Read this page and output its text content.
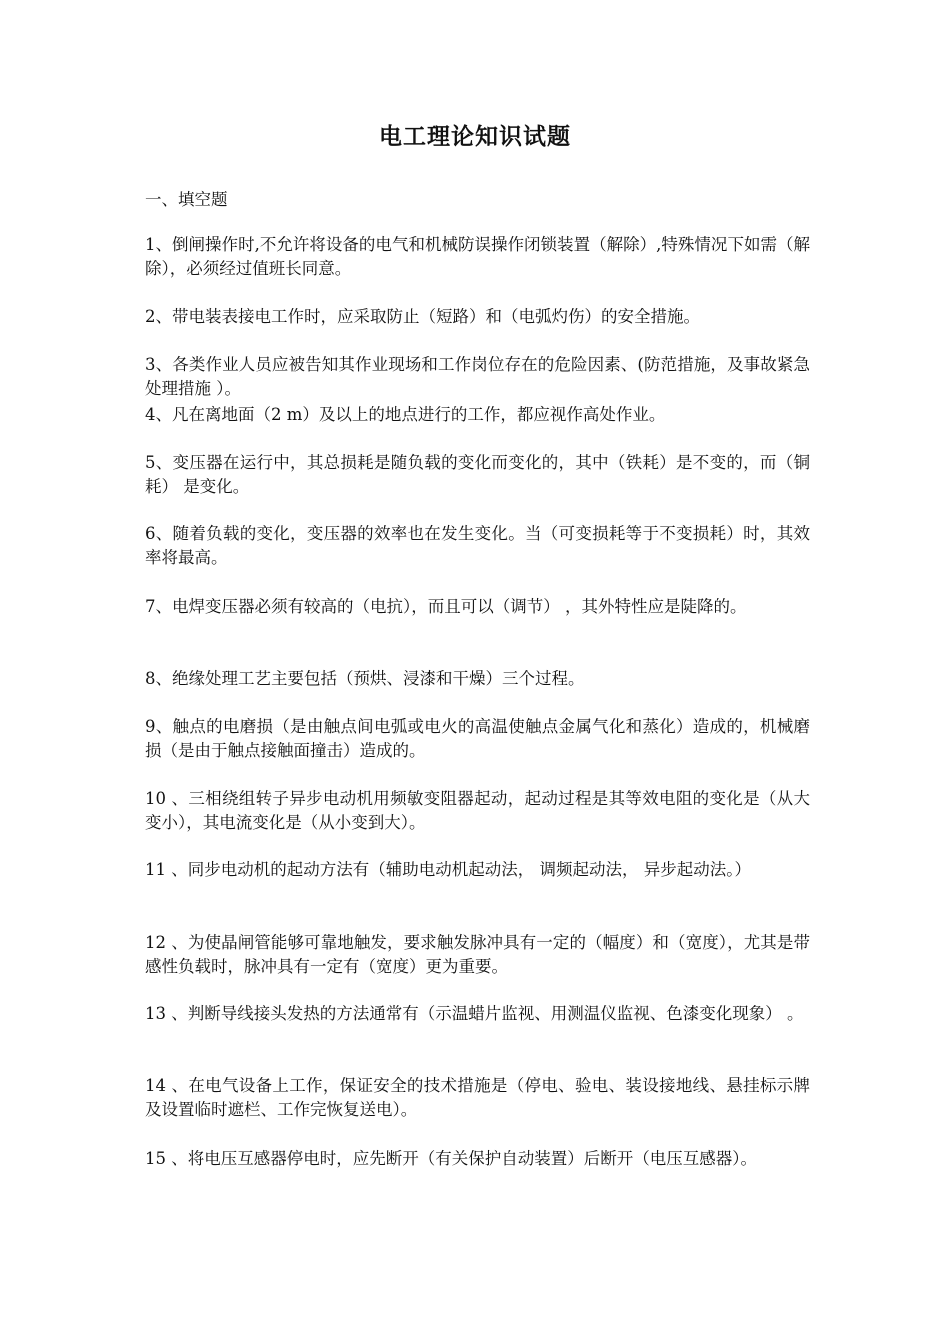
电工理论知识试题

一、填空题

1、倒闸操作时,不允许将设备的电气和机械防误操作闭锁装置（解除）,特殊情况下如需（解除），必须经过值班长同意。

2、带电装表接电工作时，应采取防止（短路）和（电弧灼伤）的安全措施。

3、各类作业人员应被告知其作业现场和工作岗位存在的危险因素、(防范措施，及事故紧急处理措施 ）。

4、凡在离地面（2 m）及以上的地点进行的工作，都应视作高处作业。

5、变压器在运行中，其总损耗是随负载的变化而变化的，其中（铁耗）是不变的，而（铜耗） 是变化。

6、随着负载的变化，变压器的效率也在发生变化。当（可变损耗等于不变损耗）时，其效率将最高。

7、电焊变压器必须有较高的（电抗），而且可以（调节） ，其外特性应是陡降的。

8、绝缘处理工艺主要包括（预烘、浸漆和干燥）三个过程。

9、触点的电磨损（是由触点间电弧或电火的高温使触点金属气化和蒸化）造成的，机械磨损（是由于触点接触面撞击）造成的。

10 、三相绕组转子异步电动机用频敏变阻器起动，起动过程是其等效电阻的变化是（从大变小），其电流变化是（从小变到大）。

11 、同步电动机的起动方法有（辅助电动机起动法， 调频起动法， 异步起动法。）

12 、为使晶闸管能够可靠地触发，要求触发脉冲具有一定的（幅度）和（宽度），尤其是带感性负载时，脉冲具有一定有（宽度）更为重要。

13 、判断导线接头发热的方法通常有（示温蜡片监视、用测温仪监视、色漆变化现象） 。

14 、在电气设备上工作，保证安全的技术措施是（停电、验电、装设接地线、悬挂标示牌及设置临时遮栏、工作完恢复送电）。

15 、将电压互感器停电时，应先断开（有关保护自动装置）后断开（电压互感器）。
